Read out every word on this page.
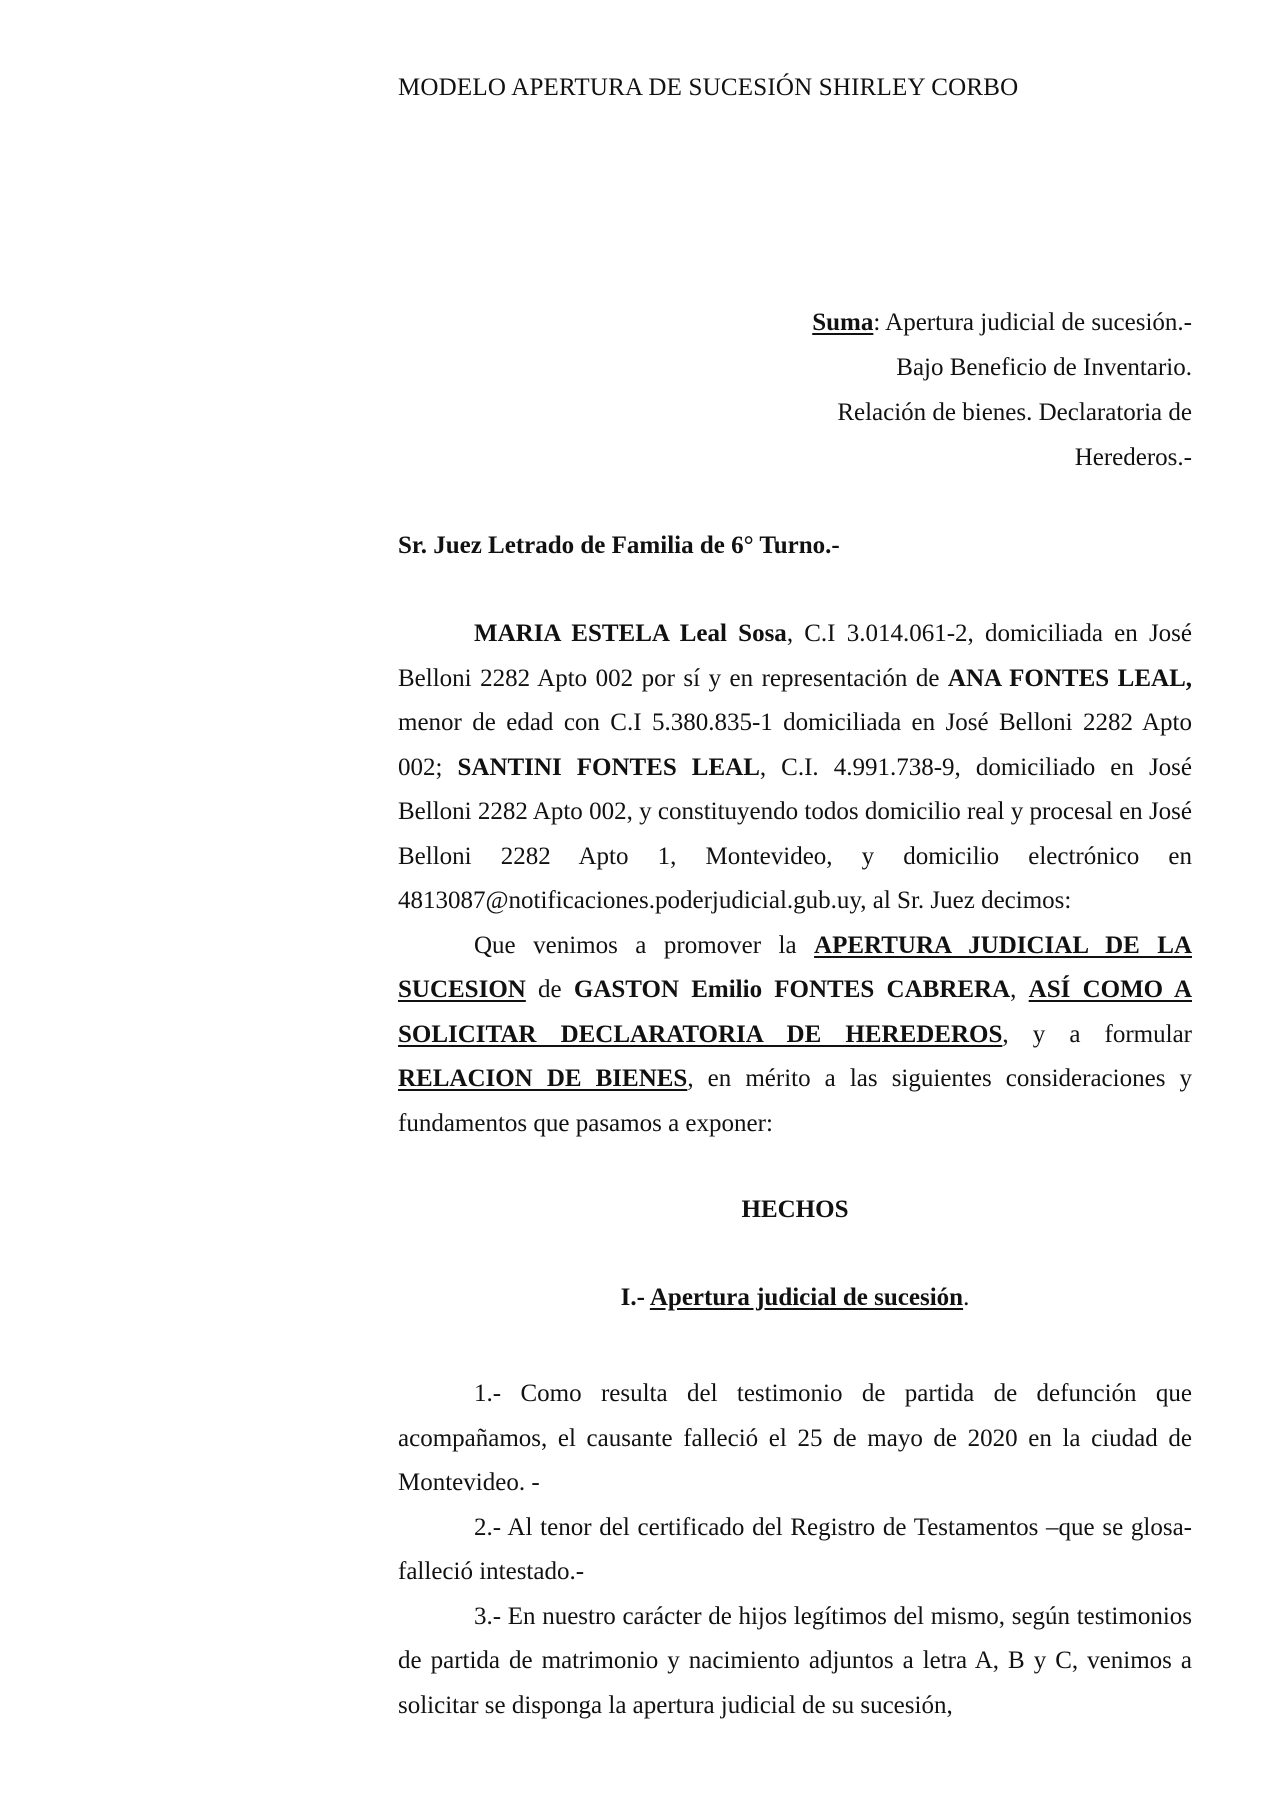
MODELO APERTURA DE SUCESIÓN SHIRLEY CORBO
Suma: Apertura judicial de sucesión.-
Bajo Beneficio de Inventario.
Relación de bienes. Declaratoria de
Herederos.-
Sr. Juez Letrado de Familia de 6° Turno.-

MARIA ESTELA Leal Sosa, C.I 3.014.061-2, domiciliada en José Belloni 2282 Apto 002 por sí y en representación de ANA FONTES LEAL, menor de edad con C.I 5.380.835-1 domiciliada en José Belloni 2282 Apto 002; SANTINI FONTES LEAL, C.I. 4.991.738-9, domiciliado en José Belloni 2282 Apto 002, y constituyendo todos domicilio real y procesal en José Belloni 2282 Apto 1, Montevideo, y domicilio electrónico en 4813087@notificaciones.poderjudicial.gub.uy, al Sr. Juez decimos:

Que venimos a promover la APERTURA JUDICIAL DE LA SUCESION de GASTON Emilio FONTES CABRERA, ASÍ COMO A SOLICITAR DECLARATORIA DE HEREDEROS, y a formular RELACION DE BIENES, en mérito a las siguientes consideraciones y fundamentos que pasamos a exponer:

HECHOS
I.- Apertura judicial de sucesión.

1.- Como resulta del testimonio de partida de defunción que acompañamos, el causante falleció el 25 de mayo de 2020 en la ciudad de Montevideo. -

2.- Al tenor del certificado del Registro de Testamentos –que se glosa- falleció intestado.-

3.- En nuestro carácter de hijos legítimos del mismo, según testimonios de partida de matrimonio y nacimiento adjuntos a letra A, B y C, venimos a solicitar se disponga la apertura judicial de su sucesión,
